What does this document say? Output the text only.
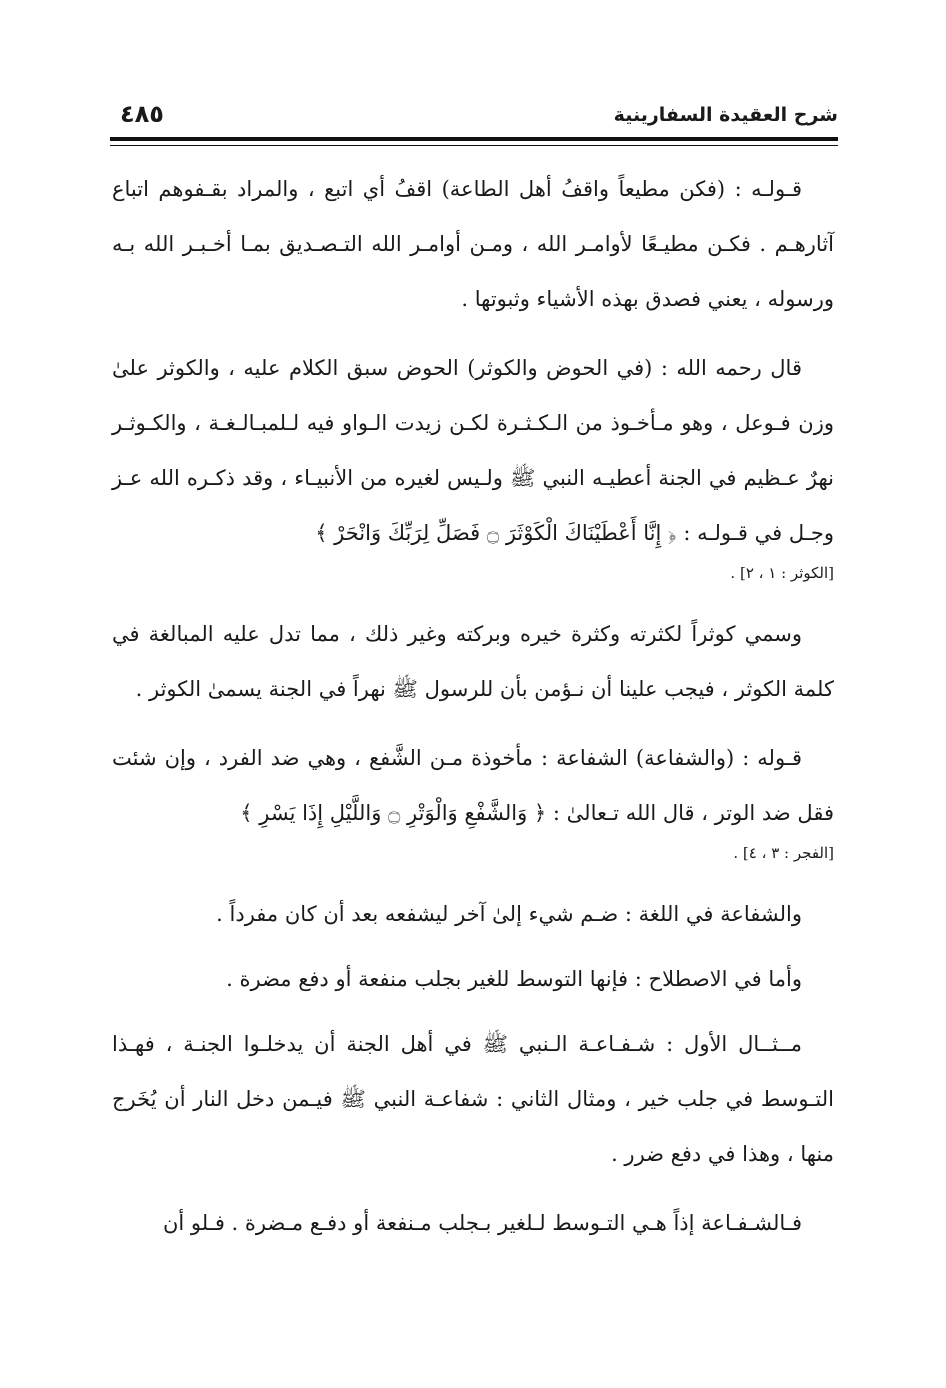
شرح العقيدة السفارينية
٤٨٥

قـولـه : (فكن مطيعاً واقفُ أهل الطاعة) اقفُ أي اتبع ، والمراد بقـفوهم اتباع آثارهـم . فكـن مطيـعًا لأوامـر الله ، ومـن أوامـر الله التـصـديق بمـا أخـبـر الله بـه ورسوله ، يعني فصدق بهذه الأشياء وثبوتها .

قال رحمه الله : (في الحوض والكوثر) الحوض سبق الكلام عليه ، والكوثر علىٰ وزن فـوعل ، وهو مـأخـوذ من الـكـثـرة لكـن زيدت الـواو فيه لـلمبـالـغـة ، والكـوثـر نهرٌ عـظيم في الجنة أعطيـه النبي ﷺ ولـيس لغيره من الأنبيـاء ، وقد ذكـره الله عـز وجـل في قـولـه : ﴿ إِنَّا أَعْطَيْنَاكَ الْكَوْثَرَ ۝ فَصَلِّ لِرَبِّكَ وَانْحَرْ ﴾

[الكوثر : ١ ، ٢] .

وسمي كوثراً لكثرته وكثرة خيره وبركته وغير ذلك ، مما تدل عليه المبالغة في كلمة الكوثر ، فيجب علينا أن نـؤمن بأن للرسول ﷺ نهراً في الجنة يسمىٰ الكوثر .

قـوله : (والشفاعة) الشفاعة : مأخوذة مـن الشَّفع ، وهي ضد الفرد ، وإن شئت فقل ضد الوتر ، قال الله تـعالىٰ : ﴿ وَالشَّفْعِ وَالْوَتْرِ ۝ وَاللَّيْلِ إِذَا يَسْرِ ﴾

[الفجر : ٣ ، ٤] .

والشفاعة في اللغة : ضـم شيء إلىٰ آخر ليشفعه بعد أن كان مفرداً .

وأما في الاصطلاح : فإنها التوسط للغير بجلب منفعة أو دفع مضرة .

مــثــال الأول : شـفـاعـة الـنبي ﷺ في أهل الجنة أن يدخلـوا الجنـة ، فهـذا التـوسط في جلب خير ، ومثال الثاني : شفاعـة النبي ﷺ فيـمن دخل النار أن يُخَرج منها ، وهذا في دفع ضرر .

فـالشـفـاعة إذاً هـي التـوسط لـلغير بـجلب مـنفعة أو دفـع مـضرة . فـلو أن
